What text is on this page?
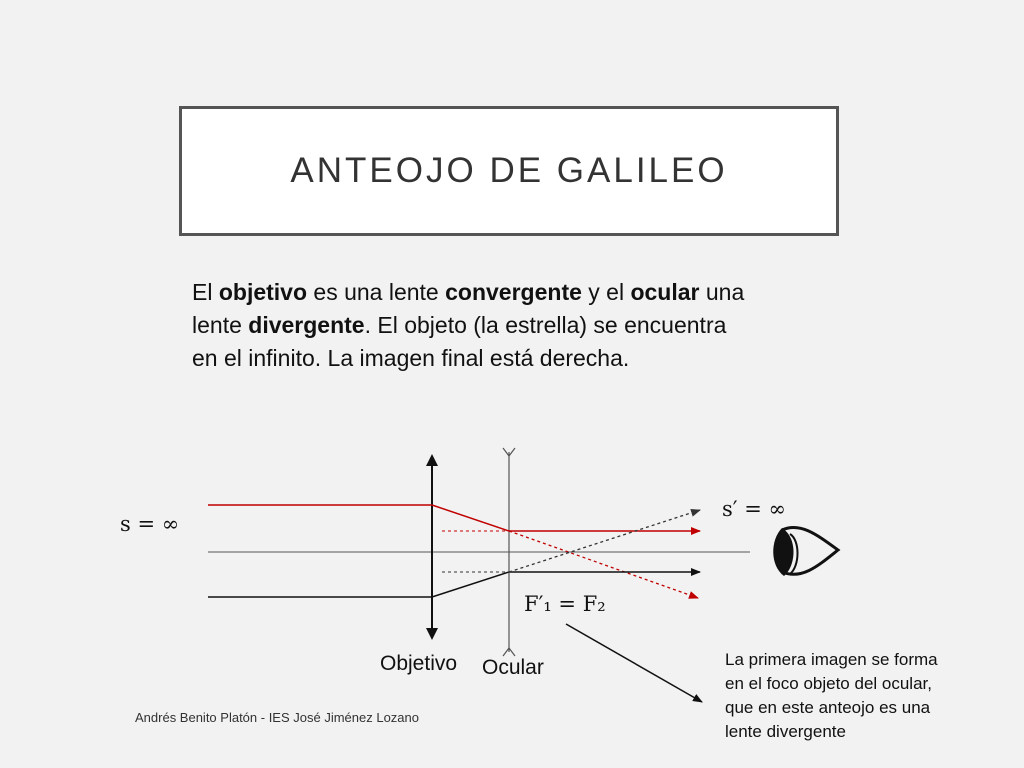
ANTEOJO DE GALILEO
El objetivo es una lente convergente y el ocular una
lente divergente. El objeto (la estrella) se encuentra
en el infinito. La imagen final está derecha.
s = ∞
s′ = ∞
F′₁ = F₂
Objetivo Ocular	La primera imagen se forma
en el foco objeto del ocular,
que en este anteojo es una
lente divergente
Andrés Benito Platón - IES José Jiménez Lozano
